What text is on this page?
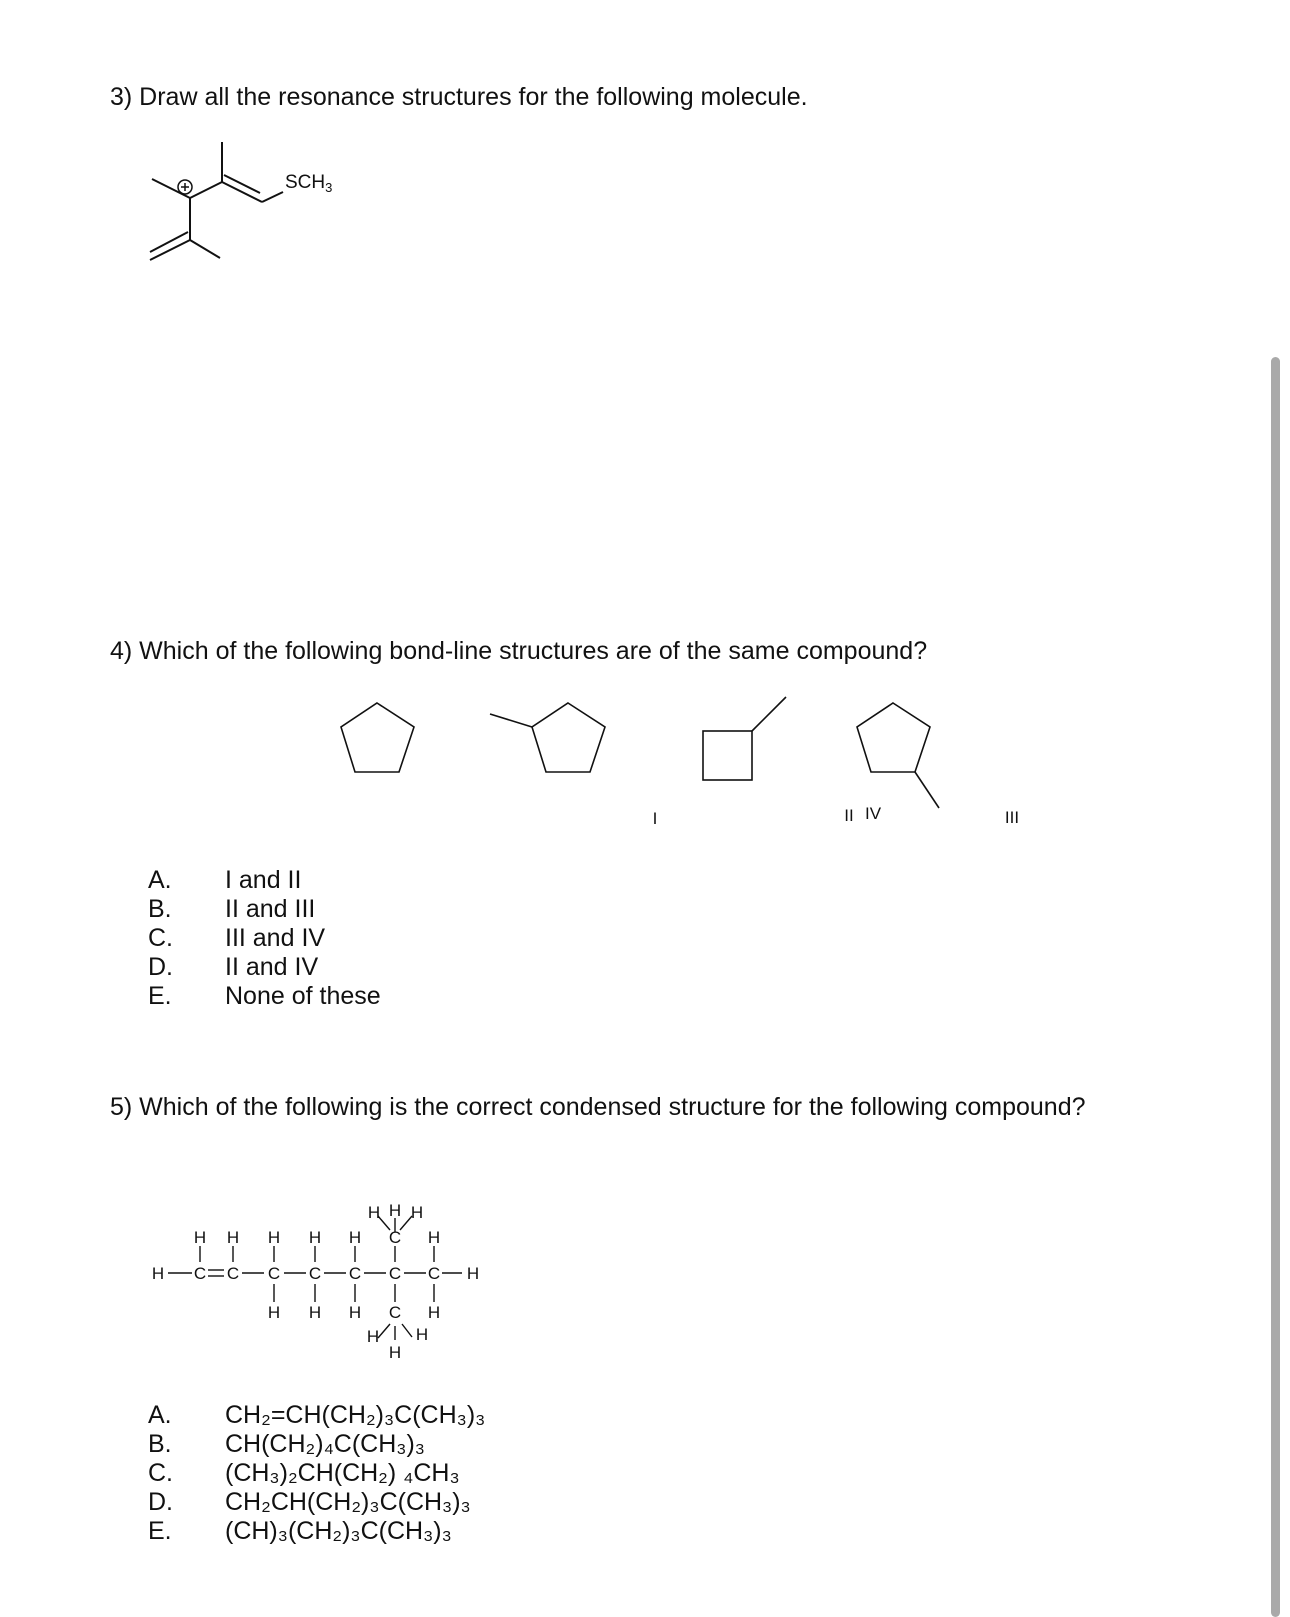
3) Draw all the resonance structures for the following molecule.
$SCH_3$
4) Which of the following bond-line structures are of the same compound?
I	II	III
IV
A. I and II
B. II and III
C. III and IV
D. II and IV
E. None of these
5) Which of the following is the correct condensed structure for the following compound?
H C C C C C C C H
H H H H H C H
H
H H
H H H C H
H
H
H
A. CH₂=CH(CH₂)₃C(CH₃)₃
B. CH(CH₂)₄C(CH₃)₃
C. (CH₃)₂CH(CH₂) ₄CH₃
D. CH₂CH(CH₂)₃C(CH₃)₃
E. (CH)₃(CH₂)₃C(CH₃)₃
